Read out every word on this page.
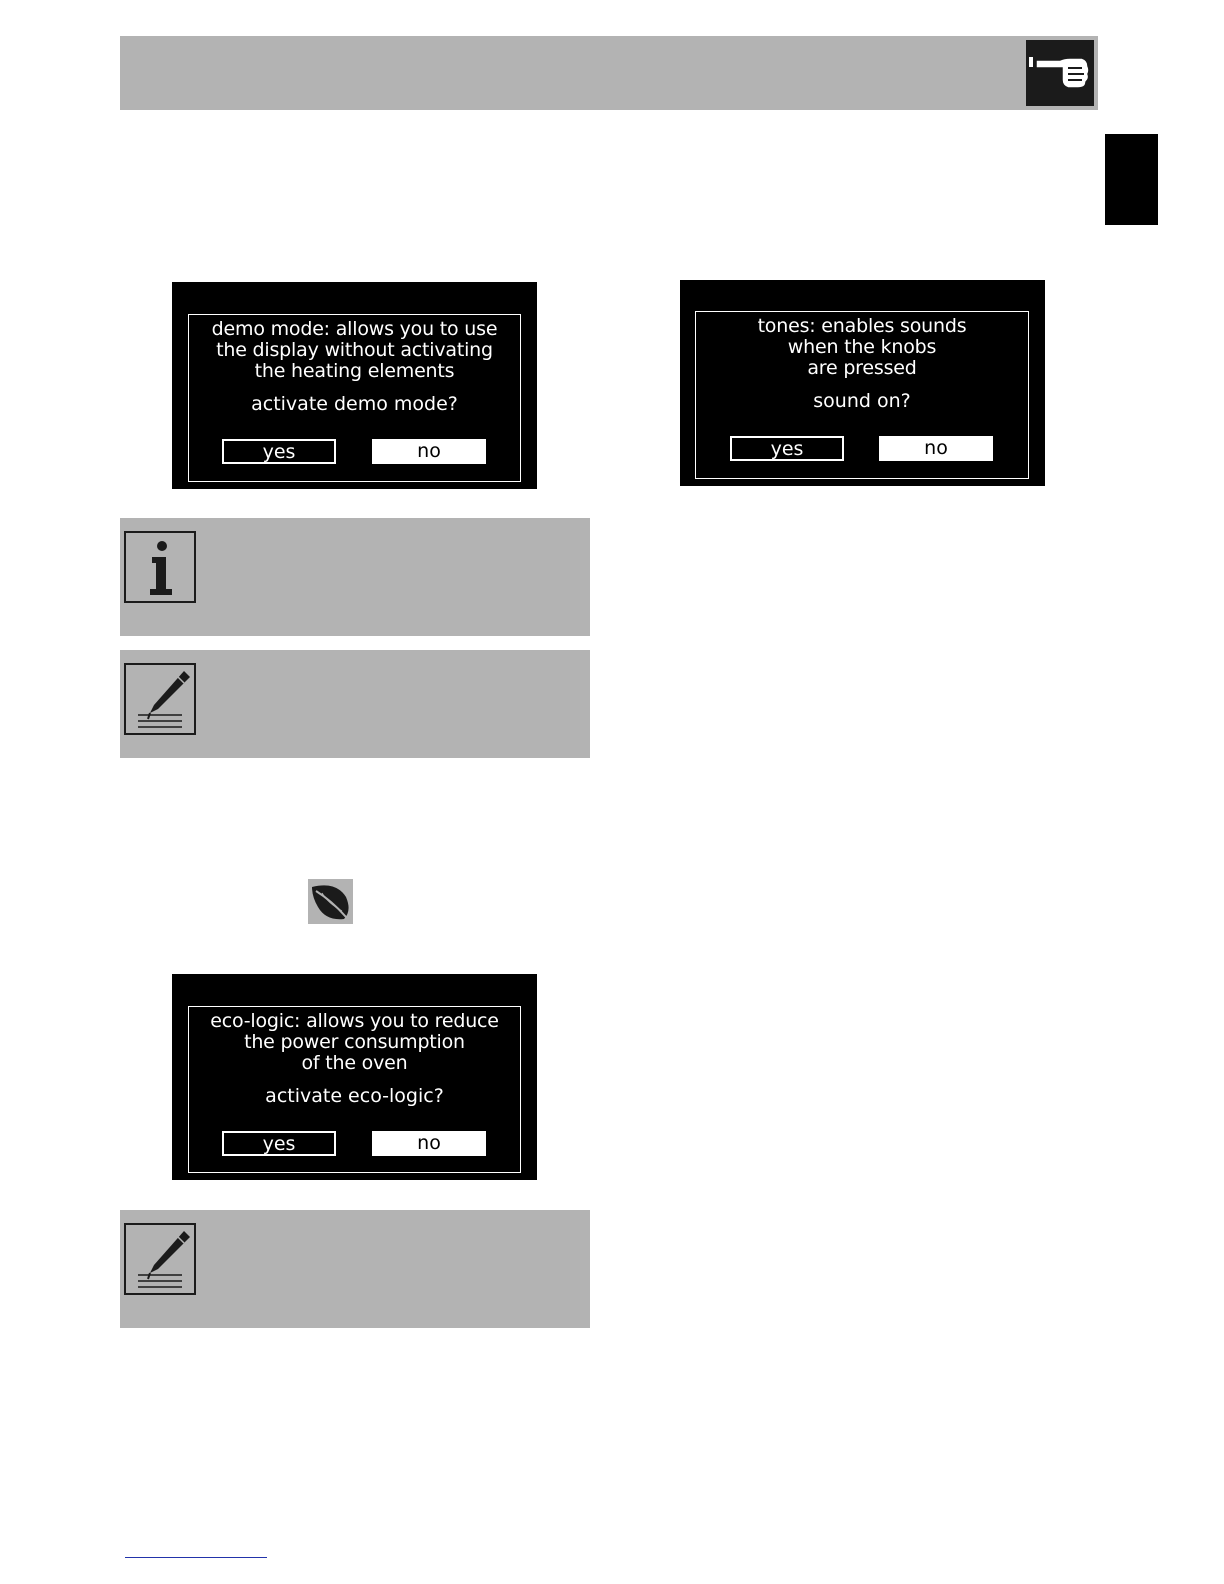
demo mode: allows you to use
the display without activating
the heating elements
activate demo mode?
yes	no
tones: enables sounds
when the knobs
are pressed
sound on?
yes	no
eco-logic: allows you to reduce
the power consumption
of the oven
activate eco-logic?
yes	no
